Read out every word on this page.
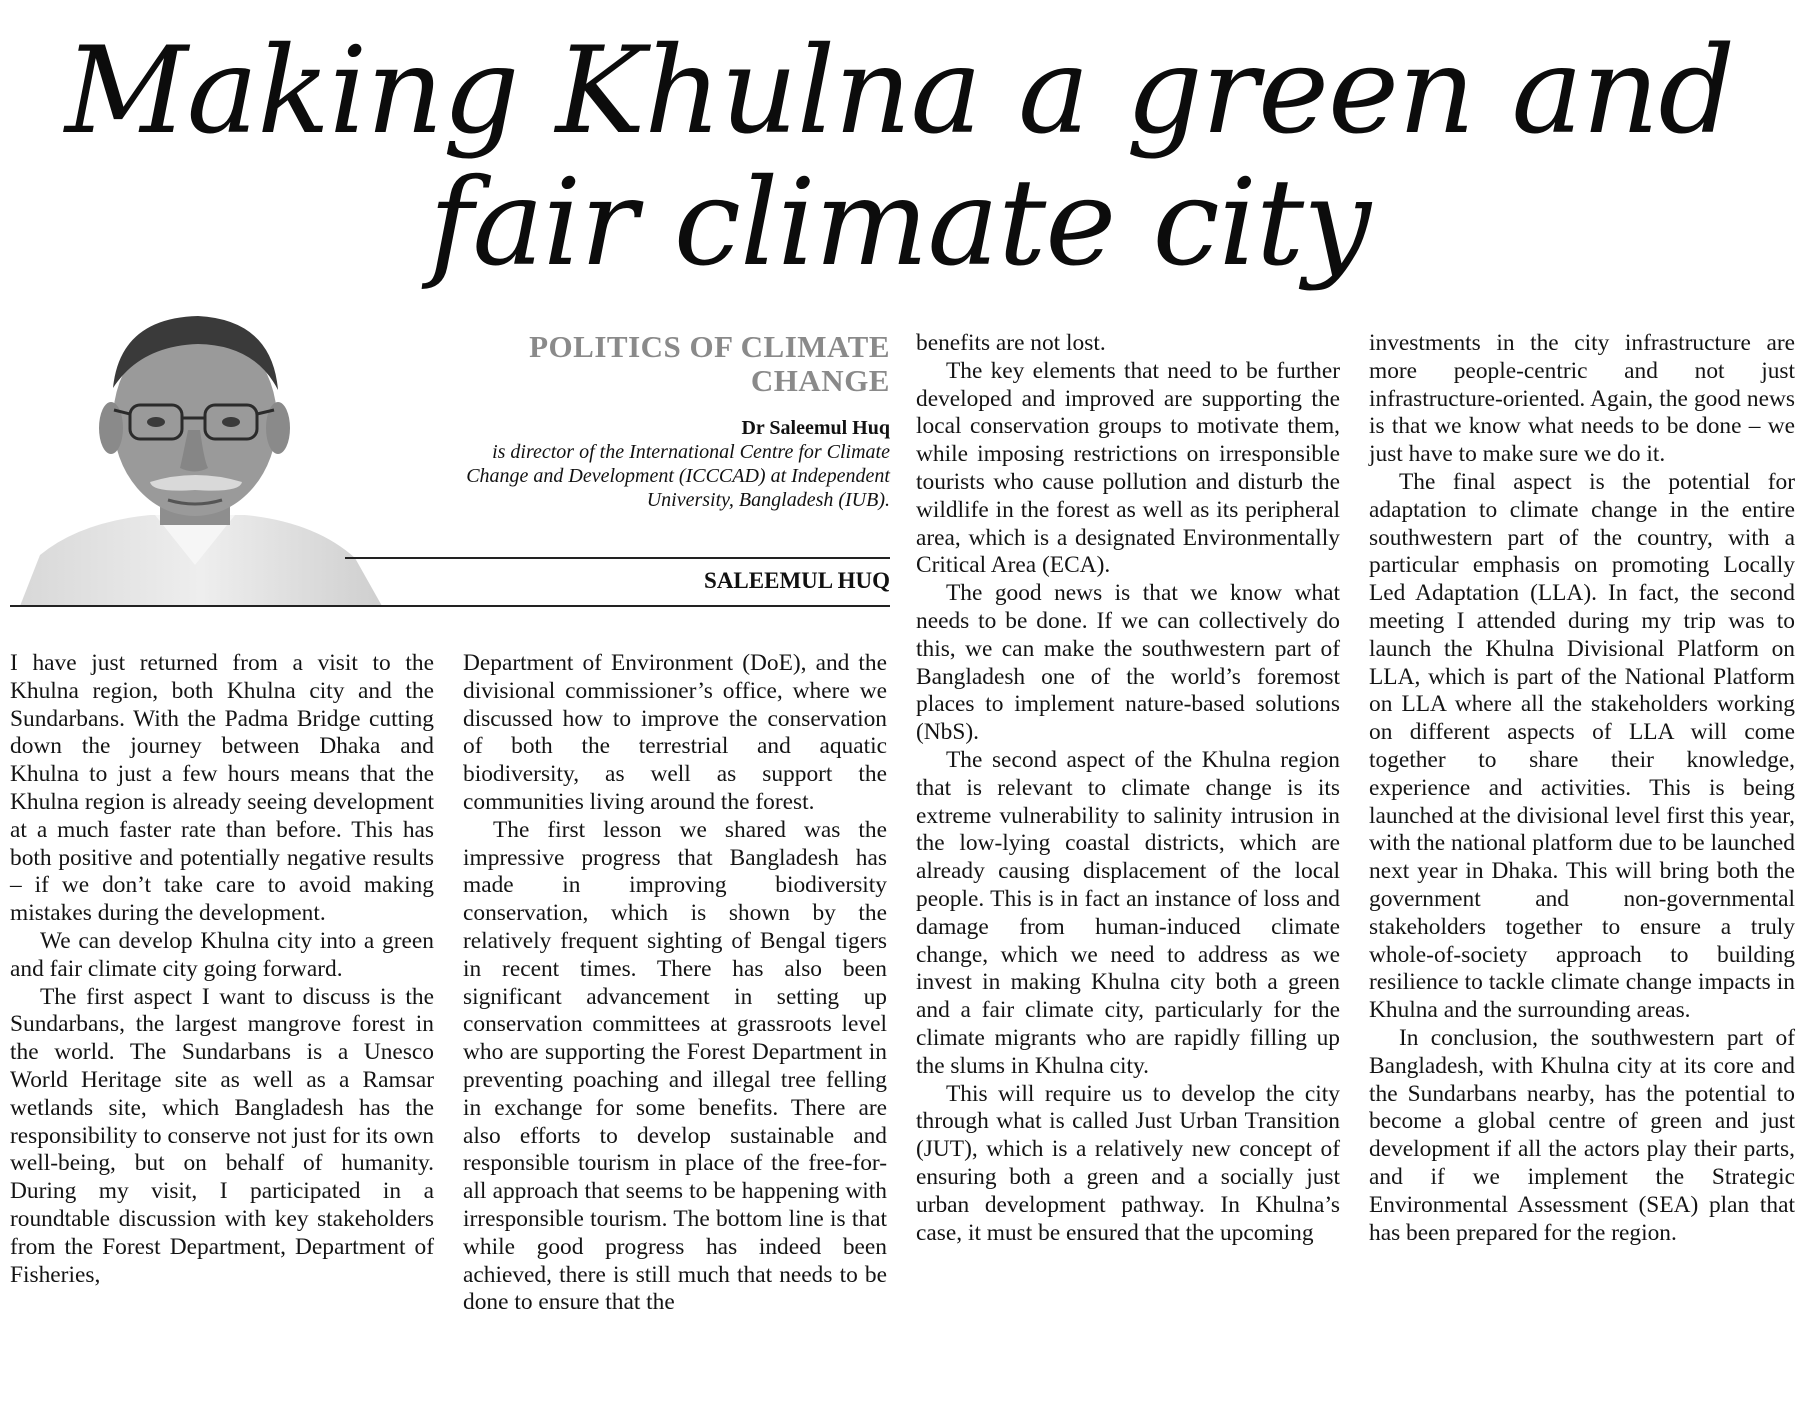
Making Khulna a green and fair climate city
POLITICS OF CLIMATE CHANGE
Dr Saleemul Huq
is director of the International Centre for Climate Change and Development (ICCCAD) at Independent University, Bangladesh (IUB).
SALEEMUL HUQ

I have just returned from a visit to the Khulna region, both Khulna city and the Sundarbans. With the Padma Bridge cutting down the journey between Dhaka and Khulna to just a few hours means that the Khulna region is already seeing development at a much faster rate than before. This has both positive and potentially negative results – if we don’t take care to avoid making mistakes during the development.

We can develop Khulna city into a green and fair climate city going forward.

The first aspect I want to discuss is the Sundarbans, the largest mangrove forest in the world. The Sundarbans is a Unesco World Heritage site as well as a Ramsar wetlands site, which Bangladesh has the responsibility to conserve not just for its own well-being, but on behalf of humanity. During my visit, I participated in a roundtable discussion with key stakeholders from the Forest Department, Department of Fisheries,

Department of Environment (DoE), and the divisional commissioner’s office, where we discussed how to improve the conservation of both the terrestrial and aquatic biodiversity, as well as support the communities living around the forest.

The first lesson we shared was the impressive progress that Bangladesh has made in improving biodiversity conservation, which is shown by the relatively frequent sighting of Bengal tigers in recent times. There has also been significant advancement in setting up conservation committees at grassroots level who are supporting the Forest Department in preventing poaching and illegal tree felling in exchange for some benefits. There are also efforts to develop sustainable and responsible tourism in place of the free-for-all approach that seems to be happening with irresponsible tourism. The bottom line is that while good progress has indeed been achieved, there is still much that needs to be done to ensure that the

benefits are not lost.

The key elements that need to be further developed and improved are supporting the local conservation groups to motivate them, while imposing restrictions on irresponsible tourists who cause pollution and disturb the wildlife in the forest as well as its peripheral area, which is a designated Environmentally Critical Area (ECA).

The good news is that we know what needs to be done. If we can collectively do this, we can make the southwestern part of Bangladesh one of the world’s foremost places to implement nature-based solutions (NbS).

The second aspect of the Khulna region that is relevant to climate change is its extreme vulnerability to salinity intrusion in the low-lying coastal districts, which are already causing displacement of the local people. This is in fact an instance of loss and damage from human-induced climate change, which we need to address as we invest in making Khulna city both a green and a fair climate city, particularly for the climate migrants who are rapidly filling up the slums in Khulna city.

This will require us to develop the city through what is called Just Urban Transition (JUT), which is a relatively new concept of ensuring both a green and a socially just urban development pathway. In Khulna’s case, it must be ensured that the upcoming

investments in the city infrastructure are more people-centric and not just infrastructure-oriented. Again, the good news is that we know what needs to be done – we just have to make sure we do it.

The final aspect is the potential for adaptation to climate change in the entire southwestern part of the country, with a particular emphasis on promoting Locally Led Adaptation (LLA). In fact, the second meeting I attended during my trip was to launch the Khulna Divisional Platform on LLA, which is part of the National Platform on LLA where all the stakeholders working on different aspects of LLA will come together to share their knowledge, experience and activities. This is being launched at the divisional level first this year, with the national platform due to be launched next year in Dhaka. This will bring both the government and non-governmental stakeholders together to ensure a truly whole-of-society approach to building resilience to tackle climate change impacts in Khulna and the surrounding areas.

In conclusion, the southwestern part of Bangladesh, with Khulna city at its core and the Sundarbans nearby, has the potential to become a global centre of green and just development if all the actors play their parts, and if we implement the Strategic Environmental Assessment (SEA) plan that has been prepared for the region.
